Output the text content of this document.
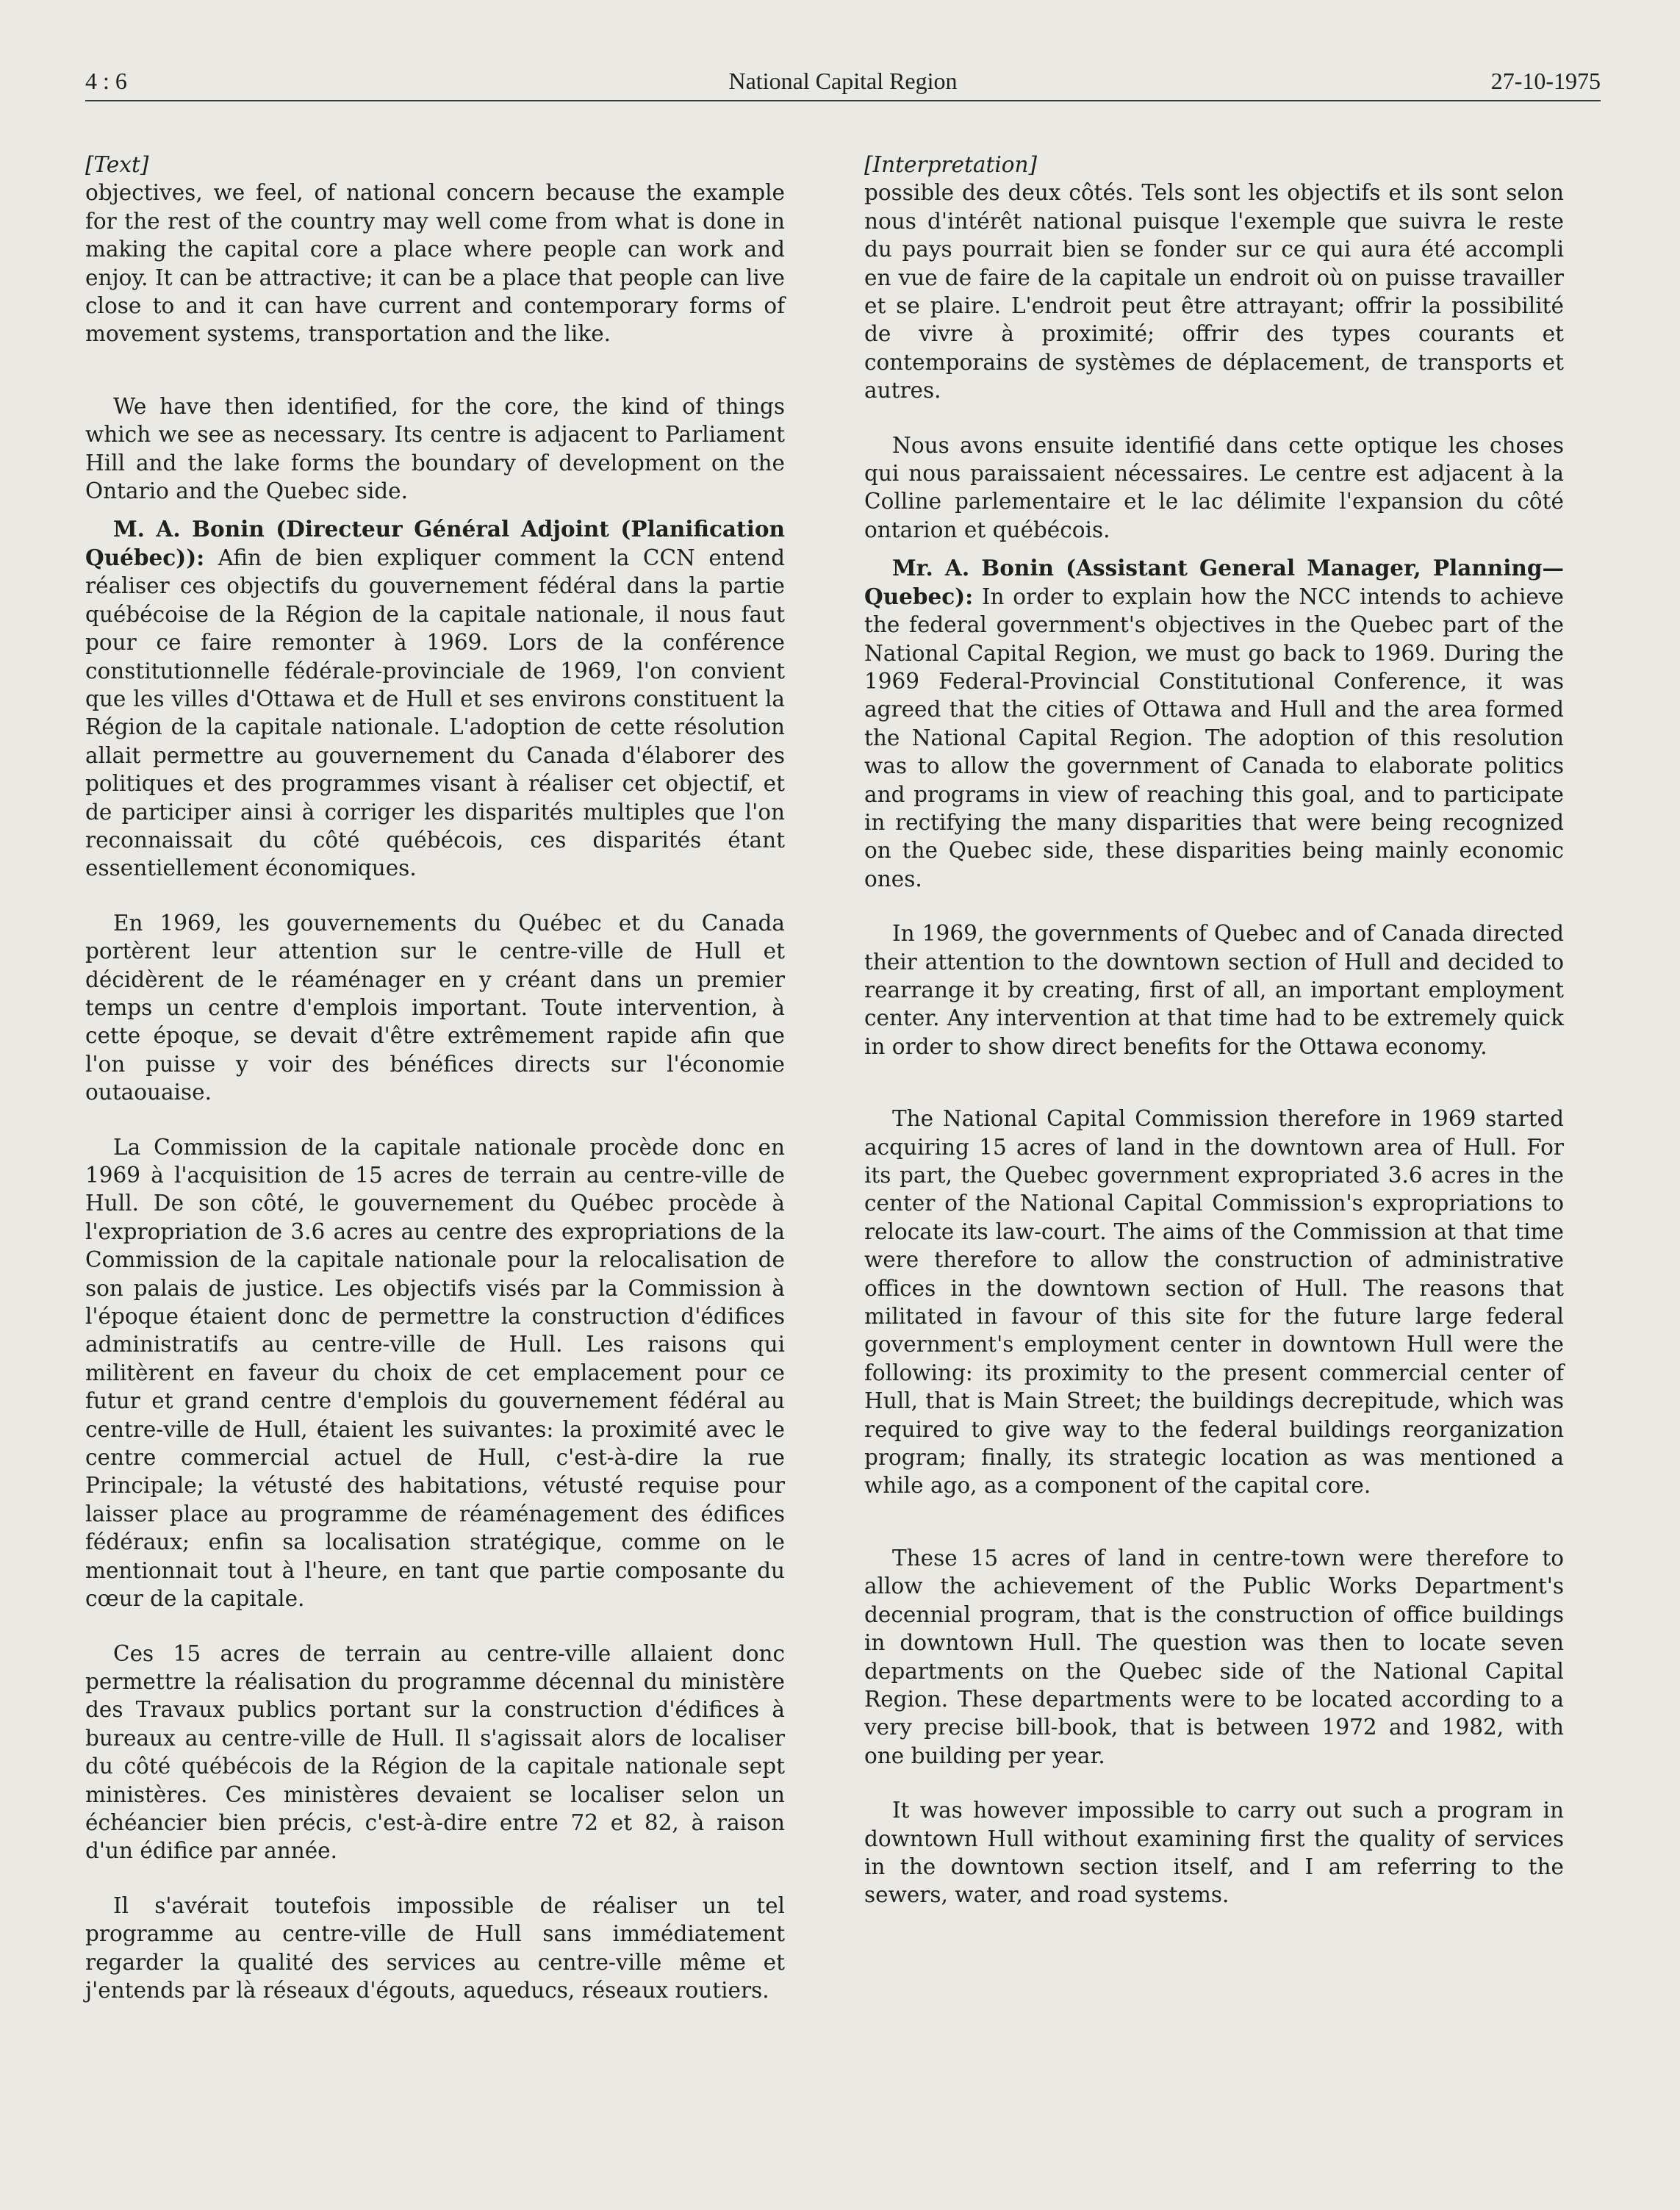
4 : 6	National Capital Region	27-10-1975

[Text]

objectives, we feel, of national concern because the example for the rest of the country may well come from what is done in making the capital core a place where people can work and enjoy. It can be attractive; it can be a place that people can live close to and it can have current and contemporary forms of movement systems, transportation and the like.

We have then identified, for the core, the kind of things which we see as necessary. Its centre is adjacent to Parliament Hill and the lake forms the boundary of development on the Ontario and the Quebec side.

M. A. Bonin (Directeur Général Adjoint (Planification Québec)): Afin de bien expliquer comment la CCN entend réaliser ces objectifs du gouvernement fédéral dans la partie québécoise de la Région de la capitale nationale, il nous faut pour ce faire remonter à 1969. Lors de la conférence constitutionnelle fédérale-provinciale de 1969, l'on convient que les villes d'Ottawa et de Hull et ses environs constituent la Région de la capitale nationale. L'adoption de cette résolution allait permettre au gouvernement du Canada d'élaborer des politiques et des programmes visant à réaliser cet objectif, et de participer ainsi à corriger les disparités multiples que l'on reconnaissait du côté québécois, ces disparités étant essentiellement économiques.

En 1969, les gouvernements du Québec et du Canada portèrent leur attention sur le centre-ville de Hull et décidèrent de le réaménager en y créant dans un premier temps un centre d'emplois important. Toute intervention, à cette époque, se devait d'être extrêmement rapide afin que l'on puisse y voir des bénéfices directs sur l'économie outaouaise.

La Commission de la capitale nationale procède donc en 1969 à l'acquisition de 15 acres de terrain au centre-ville de Hull. De son côté, le gouvernement du Québec procède à l'expropriation de 3.6 acres au centre des expropriations de la Commission de la capitale nationale pour la relocalisation de son palais de justice. Les objectifs visés par la Commission à l'époque étaient donc de permettre la construction d'édifices administratifs au centre-ville de Hull. Les raisons qui militèrent en faveur du choix de cet emplacement pour ce futur et grand centre d'emplois du gouvernement fédéral au centre-ville de Hull, étaient les suivantes: la proximité avec le centre commercial actuel de Hull, c'est-à-dire la rue Principale; la vétusté des habitations, vétusté requise pour laisser place au programme de réaménagement des édifices fédéraux; enfin sa localisation stratégique, comme on le mentionnait tout à l'heure, en tant que partie composante du cœur de la capitale.

Ces 15 acres de terrain au centre-ville allaient donc permettre la réalisation du programme décennal du ministère des Travaux publics portant sur la construction d'édifices à bureaux au centre-ville de Hull. Il s'agissait alors de localiser du côté québécois de la Région de la capitale nationale sept ministères. Ces ministères devaient se localiser selon un échéancier bien précis, c'est-à-dire entre 72 et 82, à raison d'un édifice par année.

Il s'avérait toutefois impossible de réaliser un tel programme au centre-ville de Hull sans immédiatement regarder la qualité des services au centre-ville même et j'entends par là réseaux d'égouts, aqueducs, réseaux routiers.

[Interpretation]

possible des deux côtés. Tels sont les objectifs et ils sont selon nous d'intérêt national puisque l'exemple que suivra le reste du pays pourrait bien se fonder sur ce qui aura été accompli en vue de faire de la capitale un endroit où on puisse travailler et se plaire. L'endroit peut être attrayant; offrir la possibilité de vivre à proximité; offrir des types courants et contemporains de systèmes de déplacement, de transports et autres.

Nous avons ensuite identifié dans cette optique les choses qui nous paraissaient nécessaires. Le centre est adjacent à la Colline parlementaire et le lac délimite l'expansion du côté ontarion et québécois.

Mr. A. Bonin (Assistant General Manager, Planning—Quebec): In order to explain how the NCC intends to achieve the federal government's objectives in the Quebec part of the National Capital Region, we must go back to 1969. During the 1969 Federal-Provincial Constitutional Conference, it was agreed that the cities of Ottawa and Hull and the area formed the National Capital Region. The adoption of this resolution was to allow the government of Canada to elaborate politics and programs in view of reaching this goal, and to participate in rectifying the many disparities that were being recognized on the Quebec side, these disparities being mainly economic ones.

In 1969, the governments of Quebec and of Canada directed their attention to the downtown section of Hull and decided to rearrange it by creating, first of all, an important employment center. Any intervention at that time had to be extremely quick in order to show direct benefits for the Ottawa economy.

The National Capital Commission therefore in 1969 started acquiring 15 acres of land in the downtown area of Hull. For its part, the Quebec government expropriated 3.6 acres in the center of the National Capital Commission's expropriations to relocate its law-court. The aims of the Commission at that time were therefore to allow the construction of administrative offices in the downtown section of Hull. The reasons that militated in favour of this site for the future large federal government's employment center in downtown Hull were the following: its proximity to the present commercial center of Hull, that is Main Street; the buildings decrepitude, which was required to give way to the federal buildings reorganization program; finally, its strategic location as was mentioned a while ago, as a component of the capital core.

These 15 acres of land in centre-town were therefore to allow the achievement of the Public Works Department's decennial program, that is the construction of office buildings in downtown Hull. The question was then to locate seven departments on the Quebec side of the National Capital Region. These departments were to be located according to a very precise bill-book, that is between 1972 and 1982, with one building per year.

It was however impossible to carry out such a program in downtown Hull without examining first the quality of services in the downtown section itself, and I am referring to the sewers, water, and road systems.
